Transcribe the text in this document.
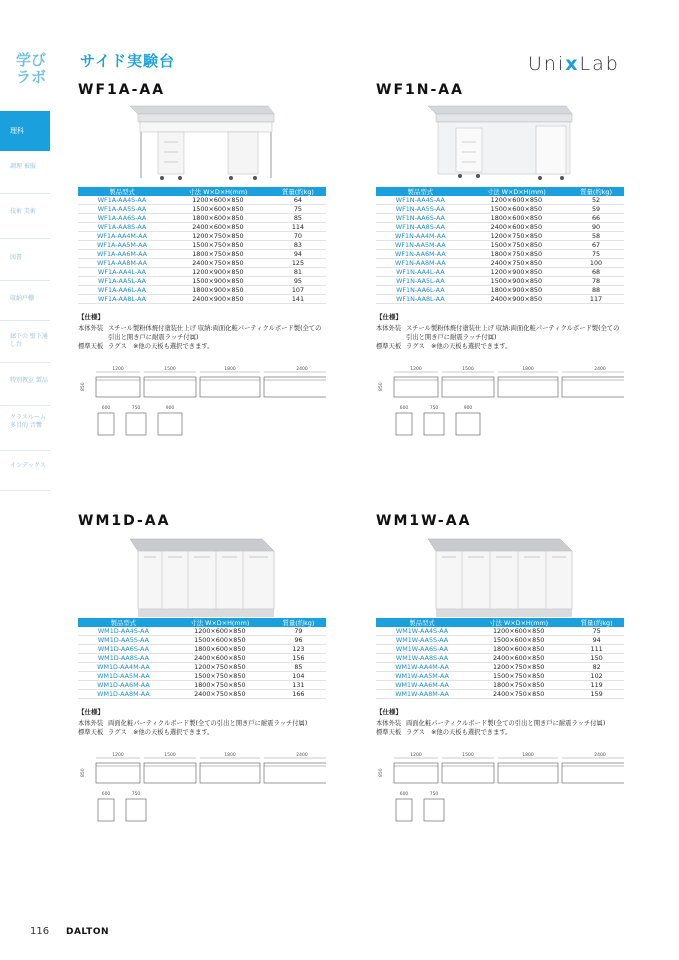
学び ラボ
理科
調理 被服
技術 美術
図書
収納戸棚
廊下の 壁下通し台
特別教室 製品
クラスルーム 多目的 音響
インデックス
サイド実験台	UnixLab
WF1A-AA
製品型式	寸法 W×D×H(mm)	質量(約kg)
WF1A-AA4S-AA	1200×600×850	64
WF1A-AA5S-AA	1500×600×850	75
WF1A-AA6S-AA	1800×600×850	85
WF1A-AA8S-AA	2400×600×850	114
WF1A-AA4M-AA	1200×750×850	70
WF1A-AA5M-AA	1500×750×850	83
WF1A-AA6M-AA	1800×750×850	94
WF1A-AA8M-AA	2400×750×850	125
WF1A-AA4L-AA	1200×900×850	81
WF1A-AA5L-AA	1500×900×850	95
WF1A-AA6L-AA	1800×900×850	107
WF1A-AA8L-AA	2400×900×850	141
【仕様】
本体外装 スチール製粉体焼付塗装仕上げ 収納:両面化粧パーティクルボード製(全ての引出と開き戸に耐震ラッチ付属)
標準天板 ラグス　※他の天板も選択できます。
1200	1500	1800	2400
850
600	750	900
WF1N-AA
製品型式	寸法 W×D×H(mm)	質量(約kg)
WF1N-AA4S-AA	1200×600×850	52
WF1N-AA5S-AA	1500×600×850	59
WF1N-AA6S-AA	1800×600×850	66
WF1N-AA8S-AA	2400×600×850	90
WF1N-AA4M-AA	1200×750×850	58
WF1N-AA5M-AA	1500×750×850	67
WF1N-AA6M-AA	1800×750×850	75
WF1N-AA8M-AA	2400×750×850	100
WF1N-AA4L-AA	1200×900×850	68
WF1N-AA5L-AA	1500×900×850	78
WF1N-AA6L-AA	1800×900×850	88
WF1N-AA8L-AA	2400×900×850	117
【仕様】
本体外装 スチール製粉体焼付塗装仕上げ 収納:両面化粧パーティクルボード製(全ての引出と開き戸に耐震ラッチ付属)
標準天板 ラグス　※他の天板も選択できます。
1200	1500	1800	2400
850
600	750	900
WM1D-AA
製品型式	寸法 W×D×H(mm)	質量(約kg)
WM1D-AA4S-AA	1200×600×850	79
WM1D-AA5S-AA	1500×600×850	96
WM1D-AA6S-AA	1800×600×850	123
WM1D-AA8S-AA	2400×600×850	156
WM1D-AA4M-AA	1200×750×850	85
WM1D-AA5M-AA	1500×750×850	104
WM1D-AA6M-AA	1800×750×850	131
WM1D-AA8M-AA	2400×750×850	166
【仕様】
本体外装 両面化粧パーティクルボード製(全ての引出と開き戸に耐震ラッチ付属)
標準天板 ラグス　※他の天板も選択できます。
1200	1500	1800	2400
850
600	750
WM1W-AA
製品型式	寸法 W×D×H(mm)	質量(約kg)
WM1W-AA4S-AA	1200×600×850	75
WM1W-AA5S-AA	1500×600×850	94
WM1W-AA6S-AA	1800×600×850	111
WM1W-AA8S-AA	2400×600×850	150
WM1W-AA4M-AA	1200×750×850	82
WM1W-AA5M-AA	1500×750×850	102
WM1W-AA6M-AA	1800×750×850	119
WM1W-AA8M-AA	2400×750×850	159
【仕様】
本体外装 両面化粧パーティクルボード製(全ての引出と開き戸に耐震ラッチ付属)
標準天板 ラグス　※他の天板も選択できます。
1200	1500	1800	2400
850
600	750
116 DALTON
